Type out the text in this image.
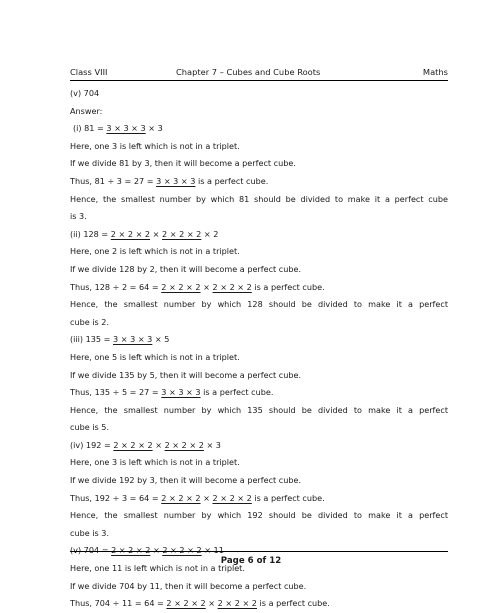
Class VIII	Chapter 7 – Cubes and Cube Roots	Maths
(v) 704
Answer:
(i) 81 = 3 × 3 × 3 × 3
Here, one 3 is left which is not in a triplet.
If we divide 81 by 3, then it will become a perfect cube.
Thus, 81 ÷ 3 = 27 = 3 × 3 × 3 is a perfect cube.
Hence, the smallest number by which 81 should be divided to make it a perfect cube
is 3.
(ii) 128 = 2 × 2 × 2 × 2 × 2 × 2 × 2
Here, one 2 is left which is not in a triplet.
If we divide 128 by 2, then it will become a perfect cube.
Thus, 128 ÷ 2 = 64 = 2 × 2 × 2 × 2 × 2 × 2 is a perfect cube.
Hence, the smallest number by which 128 should be divided to make it a perfect
cube is 2.
(iii) 135 = 3 × 3 × 3 × 5
Here, one 5 is left which is not in a triplet.
If we divide 135 by 5, then it will become a perfect cube.
Thus, 135 ÷ 5 = 27 = 3 × 3 × 3 is a perfect cube.
Hence, the smallest number by which 135 should be divided to make it a perfect
cube is 5.
(iv) 192 = 2 × 2 × 2 × 2 × 2 × 2 × 3
Here, one 3 is left which is not in a triplet.
If we divide 192 by 3, then it will become a perfect cube.
Thus, 192 ÷ 3 = 64 = 2 × 2 × 2 × 2 × 2 × 2 is a perfect cube.
Hence, the smallest number by which 192 should be divided to make it a perfect
cube is 3.
Here, one 11 is left which is not in a triplet.
If we divide 704 by 11, then it will become a perfect cube.
Thus, 704 ÷ 11 = 64 = 2 × 2 × 2 × 2 × 2 × 2 is a perfect cube.
Page 6 of 12
